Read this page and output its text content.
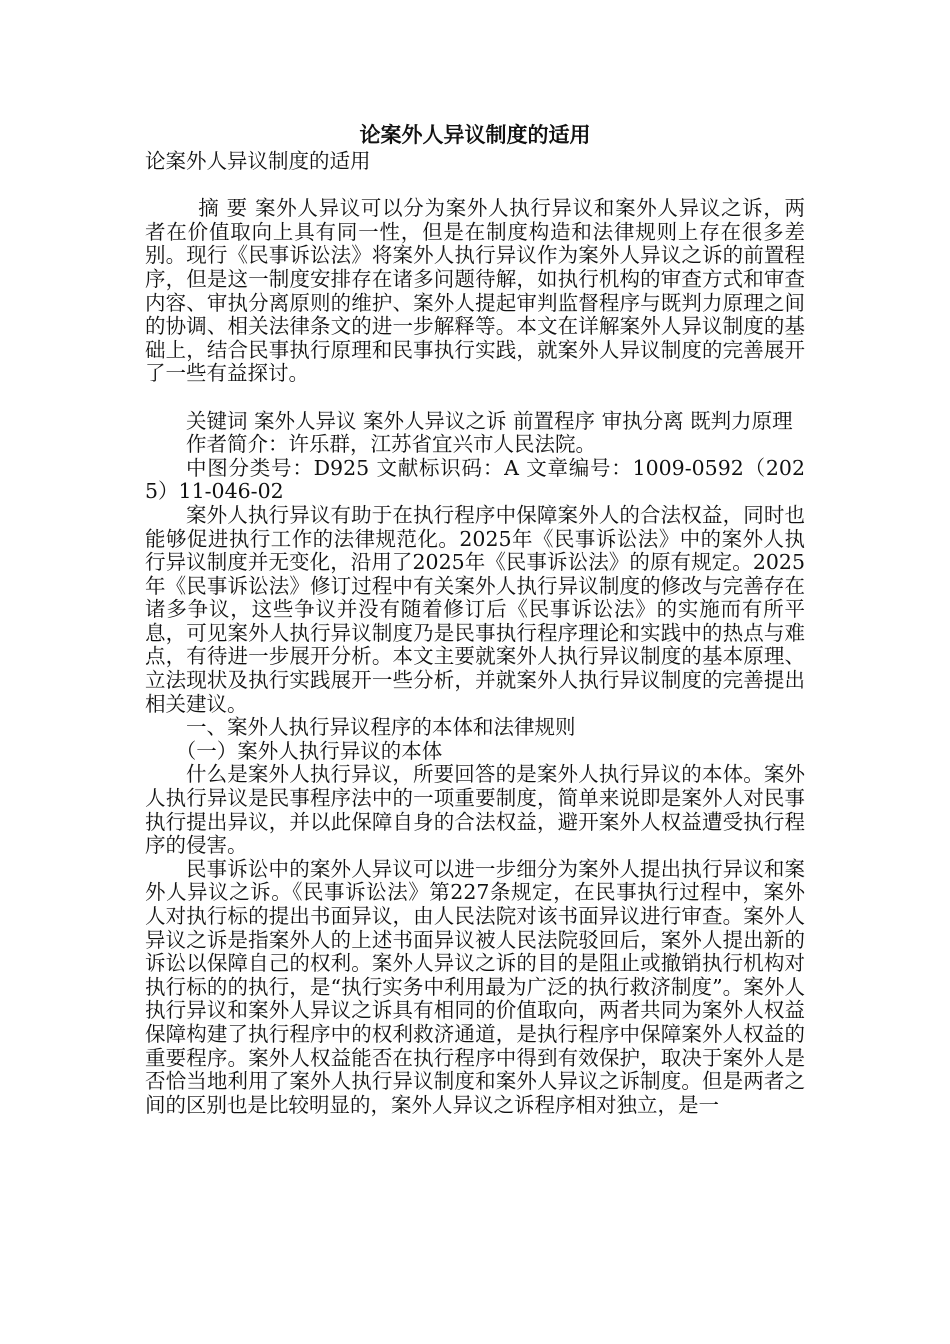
论案外人异议制度的适用

论案外人异议制度的适用

摘 要 案外人异议可以分为案外人执行异议和案外人异议之诉，两者在价值取向上具有同一性，但是在制度构造和法律规则上存在很多差别。现行《民事诉讼法》将案外人执行异议作为案外人异议之诉的前置程序，但是这一制度安排存在诸多问题待解，如执行机构的审查方式和审查内容、审执分离原则的维护、案外人提起审判监督程序与既判力原理之间的协调、相关法律条文的进一步解释等。本文在详解案外人异议制度的基础上，结合民事执行原理和民事执行实践，就案外人异议制度的完善展开了一些有益探讨。

关键词 案外人异议 案外人异议之诉 前置程序 审执分离 既判力原理

作者简介：许乐群，江苏省宜兴市人民法院。

中图分类号：D925 文献标识码：A 文章编号：1009-0592（2025）11-046-02

案外人执行异议有助于在执行程序中保障案外人的合法权益，同时也能够促进执行工作的法律规范化。2025年《民事诉讼法》中的案外人执行异议制度并无变化，沿用了2025年《民事诉讼法》的原有规定。2025年《民事诉讼法》修订过程中有关案外人执行异议制度的修改与完善存在诸多争议，这些争议并没有随着修订后《民事诉讼法》的实施而有所平息，可见案外人执行异议制度乃是民事执行程序理论和实践中的热点与难点，有待进一步展开分析。本文主要就案外人执行异议制度的基本原理、立法现状及执行实践展开一些分析，并就案外人执行异议制度的完善提出相关建议。

一、案外人执行异议程序的本体和法律规则

（一）案外人执行异议的本体

什么是案外人执行异议，所要回答的是案外人执行异议的本体。案外人执行异议是民事程序法中的一项重要制度，简单来说即是案外人对民事执行提出异议，并以此保障自身的合法权益，避开案外人权益遭受执行程序的侵害。

民事诉讼中的案外人异议可以进一步细分为案外人提出执行异议和案外人异议之诉。《民事诉讼法》第227条规定，在民事执行过程中，案外人对执行标的提出书面异议，由人民法院对该书面异议进行审查。案外人异议之诉是指案外人的上述书面异议被人民法院驳回后，案外人提出新的诉讼以保障自己的权利。案外人异议之诉的目的是阻止或撤销执行机构对执行标的的执行，是“执行实务中利用最为广泛的执行救济制度”。案外人执行异议和案外人异议之诉具有相同的价值取向，两者共同为案外人权益保障构建了执行程序中的权利救济通道，是执行程序中保障案外人权益的重要程序。案外人权益能否在执行程序中得到有效保护，取决于案外人是否恰当地利用了案外人执行异议制度和案外人异议之诉制度。但是两者之间的区别也是比较明显的，案外人异议之诉程序相对独立，是一
